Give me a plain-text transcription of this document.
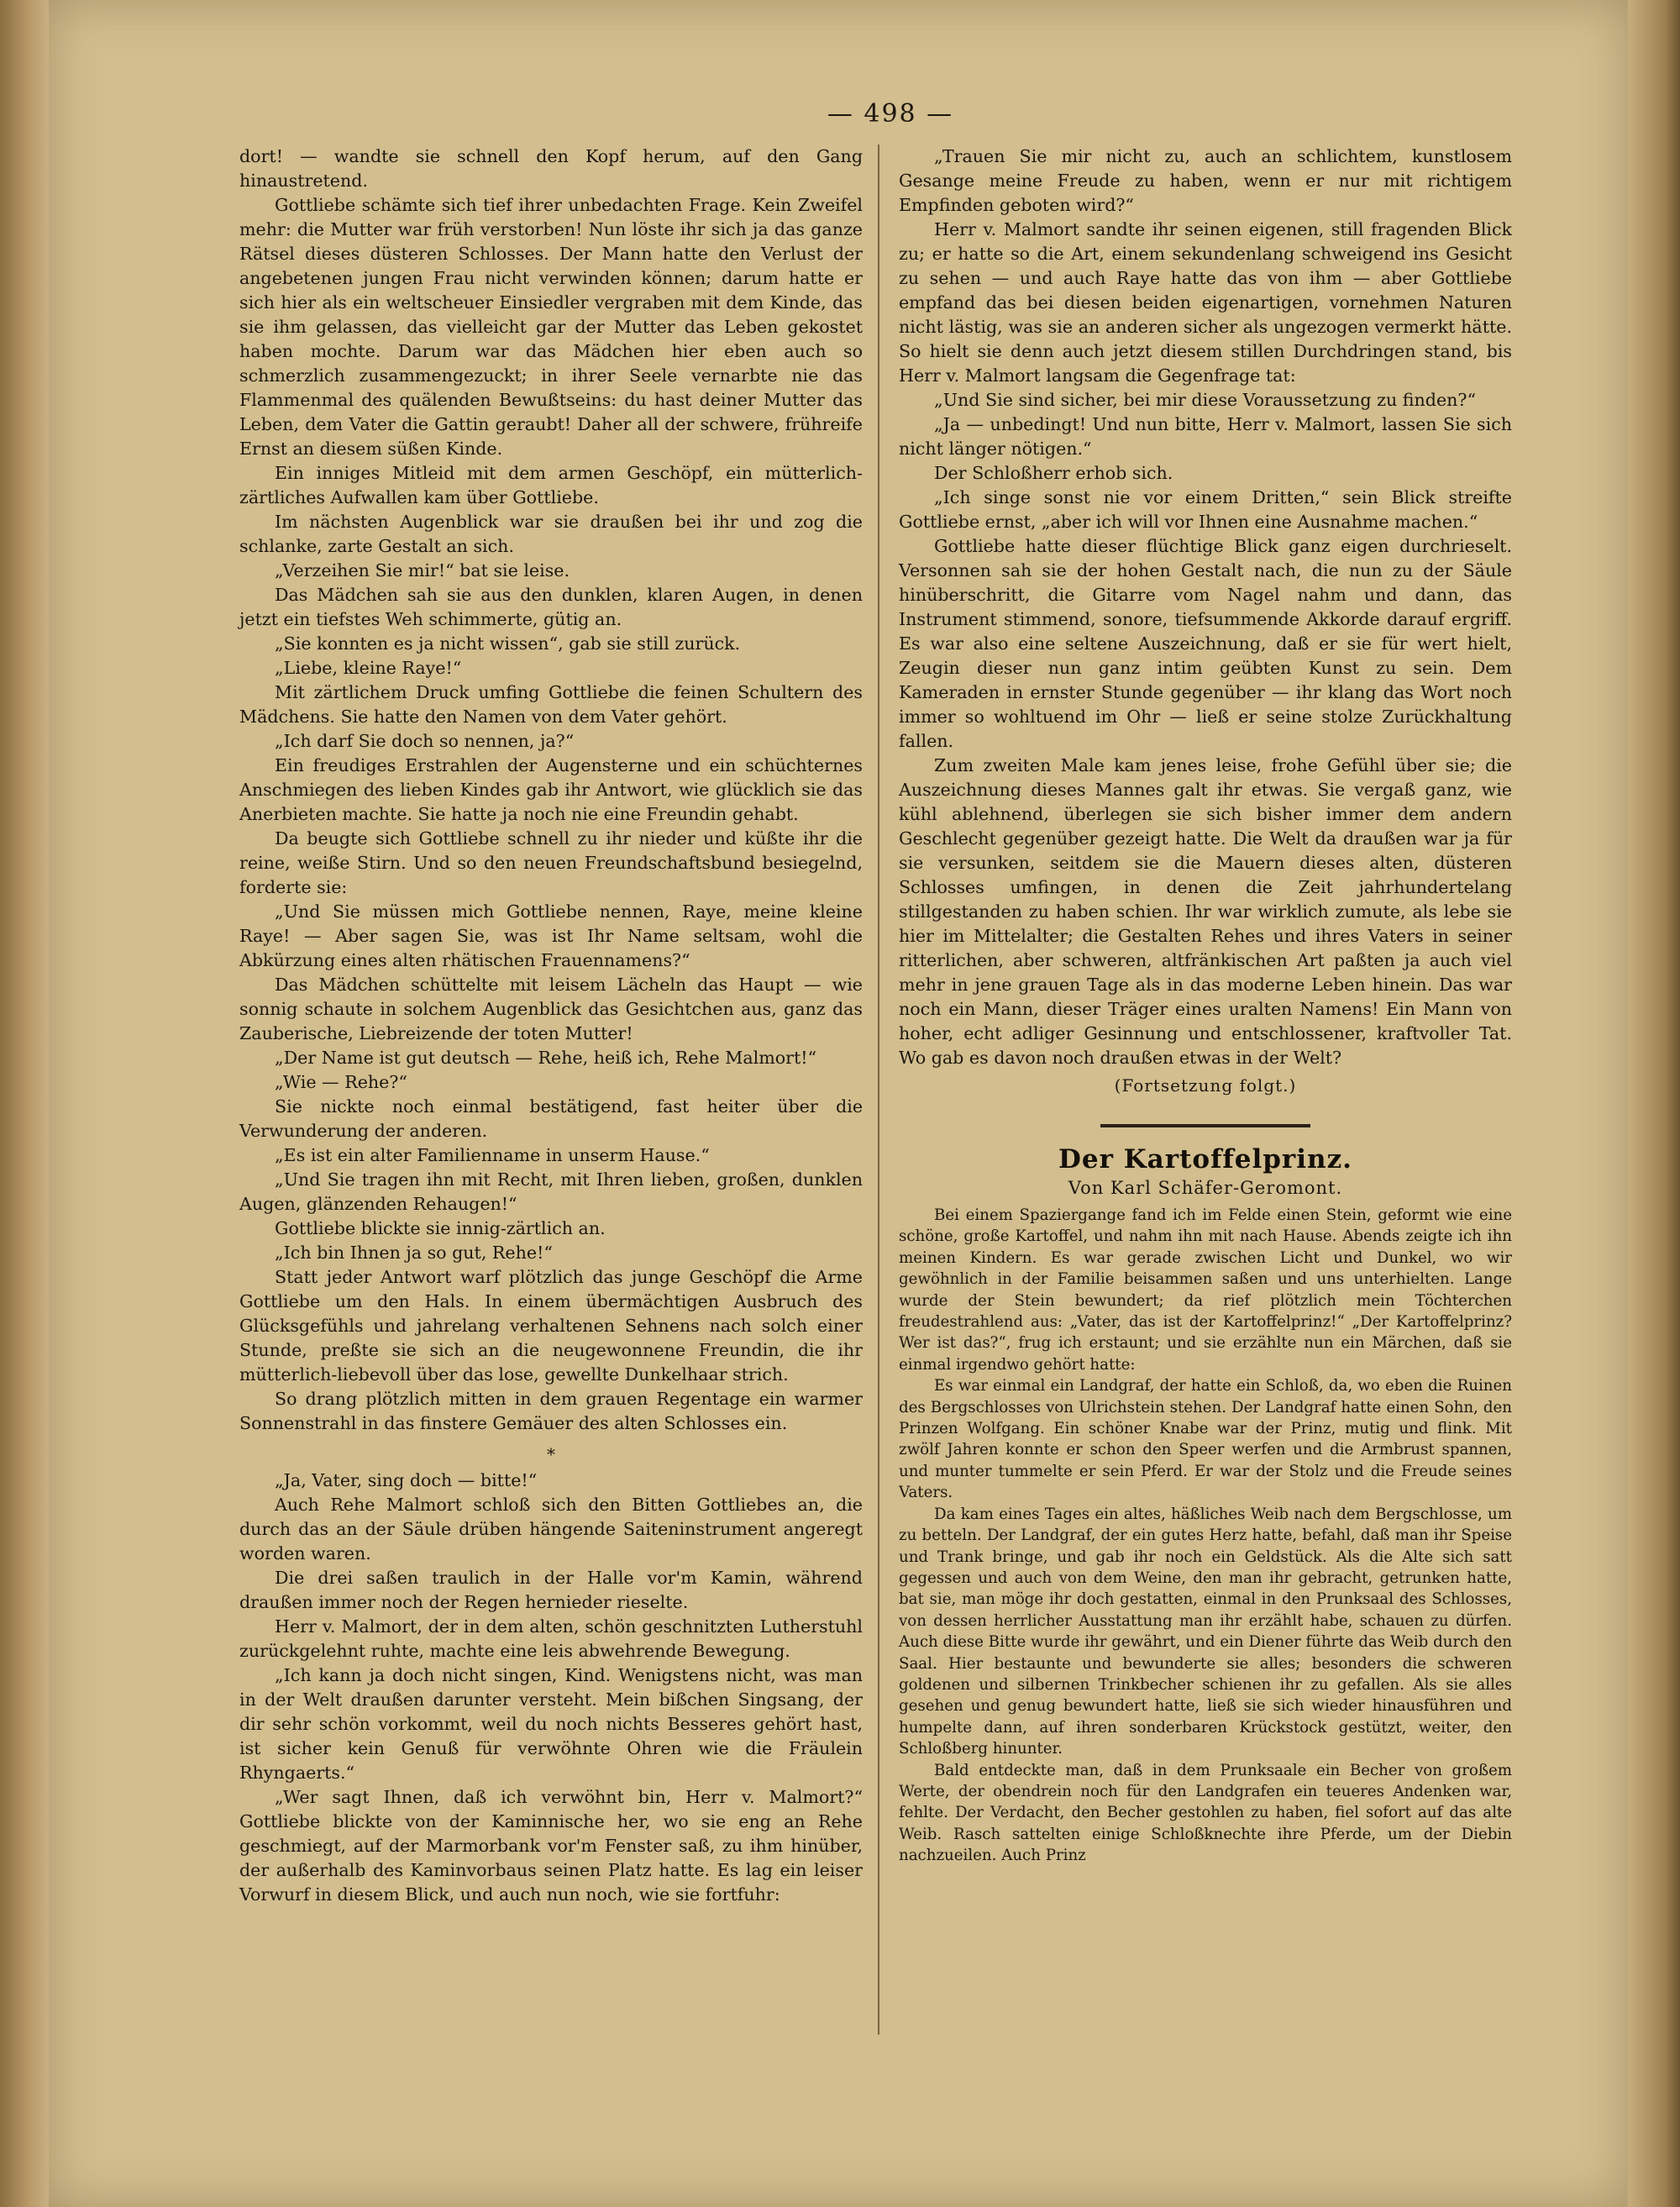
— 498 —

dort! — wandte sie schnell den Kopf herum, auf den Gang hinaustretend.

Gottliebe schämte sich tief ihrer unbedachten Frage. Kein Zweifel mehr: die Mutter war früh verstorben! Nun löste ihr sich ja das ganze Rätsel dieses düsteren Schlosses. Der Mann hatte den Verlust der angebetenen jungen Frau nicht verwinden können; darum hatte er sich hier als ein weltscheuer Einsiedler vergraben mit dem Kinde, das sie ihm gelassen, das vielleicht gar der Mutter das Leben gekostet haben mochte. Darum war das Mädchen hier eben auch so schmerzlich zusammengezuckt; in ihrer Seele vernarbte nie das Flammenmal des quälenden Bewußtseins: du hast deiner Mutter das Leben, dem Vater die Gattin geraubt! Daher all der schwere, frühreife Ernst an diesem süßen Kinde.

Ein inniges Mitleid mit dem armen Geschöpf, ein mütterlich-zärtliches Aufwallen kam über Gottliebe.

Im nächsten Augenblick war sie draußen bei ihr und zog die schlanke, zarte Gestalt an sich.

„Verzeihen Sie mir!“ bat sie leise.

Das Mädchen sah sie aus den dunklen, klaren Augen, in denen jetzt ein tiefstes Weh schimmerte, gütig an.

„Sie konnten es ja nicht wissen“, gab sie still zurück.

„Liebe, kleine Raye!“

Mit zärtlichem Druck umfing Gottliebe die feinen Schultern des Mädchens. Sie hatte den Namen von dem Vater gehört.

„Ich darf Sie doch so nennen, ja?“

Ein freudiges Erstrahlen der Augensterne und ein schüchternes Anschmiegen des lieben Kindes gab ihr Antwort, wie glücklich sie das Anerbieten machte. Sie hatte ja noch nie eine Freundin gehabt.

Da beugte sich Gottliebe schnell zu ihr nieder und küßte ihr die reine, weiße Stirn. Und so den neuen Freundschaftsbund besiegelnd, forderte sie:

„Und Sie müssen mich Gottliebe nennen, Raye, meine kleine Raye! — Aber sagen Sie, was ist Ihr Name seltsam, wohl die Abkürzung eines alten rhätischen Frauennamens?“

Das Mädchen schüttelte mit leisem Lächeln das Haupt — wie sonnig schaute in solchem Augenblick das Gesichtchen aus, ganz das Zauberische, Liebreizende der toten Mutter!

„Der Name ist gut deutsch — Rehe, heiß ich, Rehe Malmort!“

„Wie — Rehe?“

Sie nickte noch einmal bestätigend, fast heiter über die Verwunderung der anderen.

„Es ist ein alter Familienname in unserm Hause.“

„Und Sie tragen ihn mit Recht, mit Ihren lieben, großen, dunklen Augen, glänzenden Rehaugen!“

Gottliebe blickte sie innig-zärtlich an.

„Ich bin Ihnen ja so gut, Rehe!“

Statt jeder Antwort warf plötzlich das junge Geschöpf die Arme Gottliebe um den Hals. In einem übermächtigen Ausbruch des Glücksgefühls und jahrelang verhaltenen Sehnens nach solch einer Stunde, preßte sie sich an die neugewonnene Freundin, die ihr mütterlich-liebevoll über das lose, gewellte Dunkelhaar strich.

So drang plötzlich mitten in dem grauen Regentage ein warmer Sonnenstrahl in das finstere Gemäuer des alten Schlosses ein.

*

„Ja, Vater, sing doch — bitte!“

Auch Rehe Malmort schloß sich den Bitten Gottliebes an, die durch das an der Säule drüben hängende Saiteninstrument angeregt worden waren.

Die drei saßen traulich in der Halle vor'm Kamin, während draußen immer noch der Regen hernieder rieselte.

Herr v. Malmort, der in dem alten, schön geschnitzten Lutherstuhl zurückgelehnt ruhte, machte eine leis abwehrende Bewegung.

„Ich kann ja doch nicht singen, Kind. Wenigstens nicht, was man in der Welt draußen darunter versteht. Mein bißchen Singsang, der dir sehr schön vorkommt, weil du noch nichts Besseres gehört hast, ist sicher kein Genuß für verwöhnte Ohren wie die Fräulein Rhyngaerts.“

„Wer sagt Ihnen, daß ich verwöhnt bin, Herr v. Malmort?“ Gottliebe blickte von der Kaminnische her, wo sie eng an Rehe geschmiegt, auf der Marmorbank vor'm Fenster saß, zu ihm hinüber, der außerhalb des Kaminvorbaus seinen Platz hatte. Es lag ein leiser Vorwurf in diesem Blick, und auch nun noch, wie sie fortfuhr:

„Trauen Sie mir nicht zu, auch an schlichtem, kunstlosem Gesange meine Freude zu haben, wenn er nur mit richtigem Empfinden geboten wird?“

Herr v. Malmort sandte ihr seinen eigenen, still fragenden Blick zu; er hatte so die Art, einem sekundenlang schweigend ins Gesicht zu sehen — und auch Raye hatte das von ihm — aber Gottliebe empfand das bei diesen beiden eigenartigen, vornehmen Naturen nicht lästig, was sie an anderen sicher als ungezogen vermerkt hätte. So hielt sie denn auch jetzt diesem stillen Durchdringen stand, bis Herr v. Malmort langsam die Gegenfrage tat:

„Und Sie sind sicher, bei mir diese Voraussetzung zu finden?“

„Ja — unbedingt! Und nun bitte, Herr v. Malmort, lassen Sie sich nicht länger nötigen.“

Der Schloßherr erhob sich.

„Ich singe sonst nie vor einem Dritten,“ sein Blick streifte Gottliebe ernst, „aber ich will vor Ihnen eine Ausnahme machen.“

Gottliebe hatte dieser flüchtige Blick ganz eigen durchrieselt. Versonnen sah sie der hohen Gestalt nach, die nun zu der Säule hinüberschritt, die Gitarre vom Nagel nahm und dann, das Instrument stimmend, sonore, tiefsummende Akkorde darauf ergriff. Es war also eine seltene Auszeichnung, daß er sie für wert hielt, Zeugin dieser nun ganz intim geübten Kunst zu sein. Dem Kameraden in ernster Stunde gegenüber — ihr klang das Wort noch immer so wohltuend im Ohr — ließ er seine stolze Zurückhaltung fallen.

Zum zweiten Male kam jenes leise, frohe Gefühl über sie; die Auszeichnung dieses Mannes galt ihr etwas. Sie vergaß ganz, wie kühl ablehnend, überlegen sie sich bisher immer dem andern Geschlecht gegenüber gezeigt hatte. Die Welt da draußen war ja für sie versunken, seitdem sie die Mauern dieses alten, düsteren Schlosses umfingen, in denen die Zeit jahrhundertelang stillgestanden zu haben schien. Ihr war wirklich zumute, als lebe sie hier im Mittelalter; die Gestalten Rehes und ihres Vaters in seiner ritterlichen, aber schweren, altfränkischen Art paßten ja auch viel mehr in jene grauen Tage als in das moderne Leben hinein. Das war noch ein Mann, dieser Träger eines uralten Namens! Ein Mann von hoher, echt adliger Gesinnung und entschlossener, kraftvoller Tat. Wo gab es davon noch draußen etwas in der Welt?

(Fortsetzung folgt.)
Der Kartoffelprinz.
Von Karl Schäfer-Geromont.

Bei einem Spaziergange fand ich im Felde einen Stein, geformt wie eine schöne, große Kartoffel, und nahm ihn mit nach Hause. Abends zeigte ich ihn meinen Kindern. Es war gerade zwischen Licht und Dunkel, wo wir gewöhnlich in der Familie beisammen saßen und uns unterhielten. Lange wurde der Stein bewundert; da rief plötzlich mein Töchterchen freudestrahlend aus: „Vater, das ist der Kartoffelprinz!“ „Der Kartoffelprinz? Wer ist das?“, frug ich erstaunt; und sie erzählte nun ein Märchen, daß sie einmal irgendwo gehört hatte:

Es war einmal ein Landgraf, der hatte ein Schloß, da, wo eben die Ruinen des Bergschlosses von Ulrichstein stehen. Der Landgraf hatte einen Sohn, den Prinzen Wolfgang. Ein schöner Knabe war der Prinz, mutig und flink. Mit zwölf Jahren konnte er schon den Speer werfen und die Armbrust spannen, und munter tummelte er sein Pferd. Er war der Stolz und die Freude seines Vaters.

Da kam eines Tages ein altes, häßliches Weib nach dem Bergschlosse, um zu betteln. Der Landgraf, der ein gutes Herz hatte, befahl, daß man ihr Speise und Trank bringe, und gab ihr noch ein Geldstück. Als die Alte sich satt gegessen und auch von dem Weine, den man ihr gebracht, getrunken hatte, bat sie, man möge ihr doch gestatten, einmal in den Prunksaal des Schlosses, von dessen herrlicher Ausstattung man ihr erzählt habe, schauen zu dürfen. Auch diese Bitte wurde ihr gewährt, und ein Diener führte das Weib durch den Saal. Hier bestaunte und bewunderte sie alles; besonders die schweren goldenen und silbernen Trinkbecher schienen ihr zu gefallen. Als sie alles gesehen und genug bewundert hatte, ließ sie sich wieder hinausführen und humpelte dann, auf ihren sonderbaren Krückstock gestützt, weiter, den Schloßberg hinunter.

Bald entdeckte man, daß in dem Prunksaale ein Becher von großem Werte, der obendrein noch für den Landgrafen ein teueres Andenken war, fehlte. Der Verdacht, den Becher gestohlen zu haben, fiel sofort auf das alte Weib. Rasch sattelten einige Schloßknechte ihre Pferde, um der Diebin nachzueilen. Auch Prinz
